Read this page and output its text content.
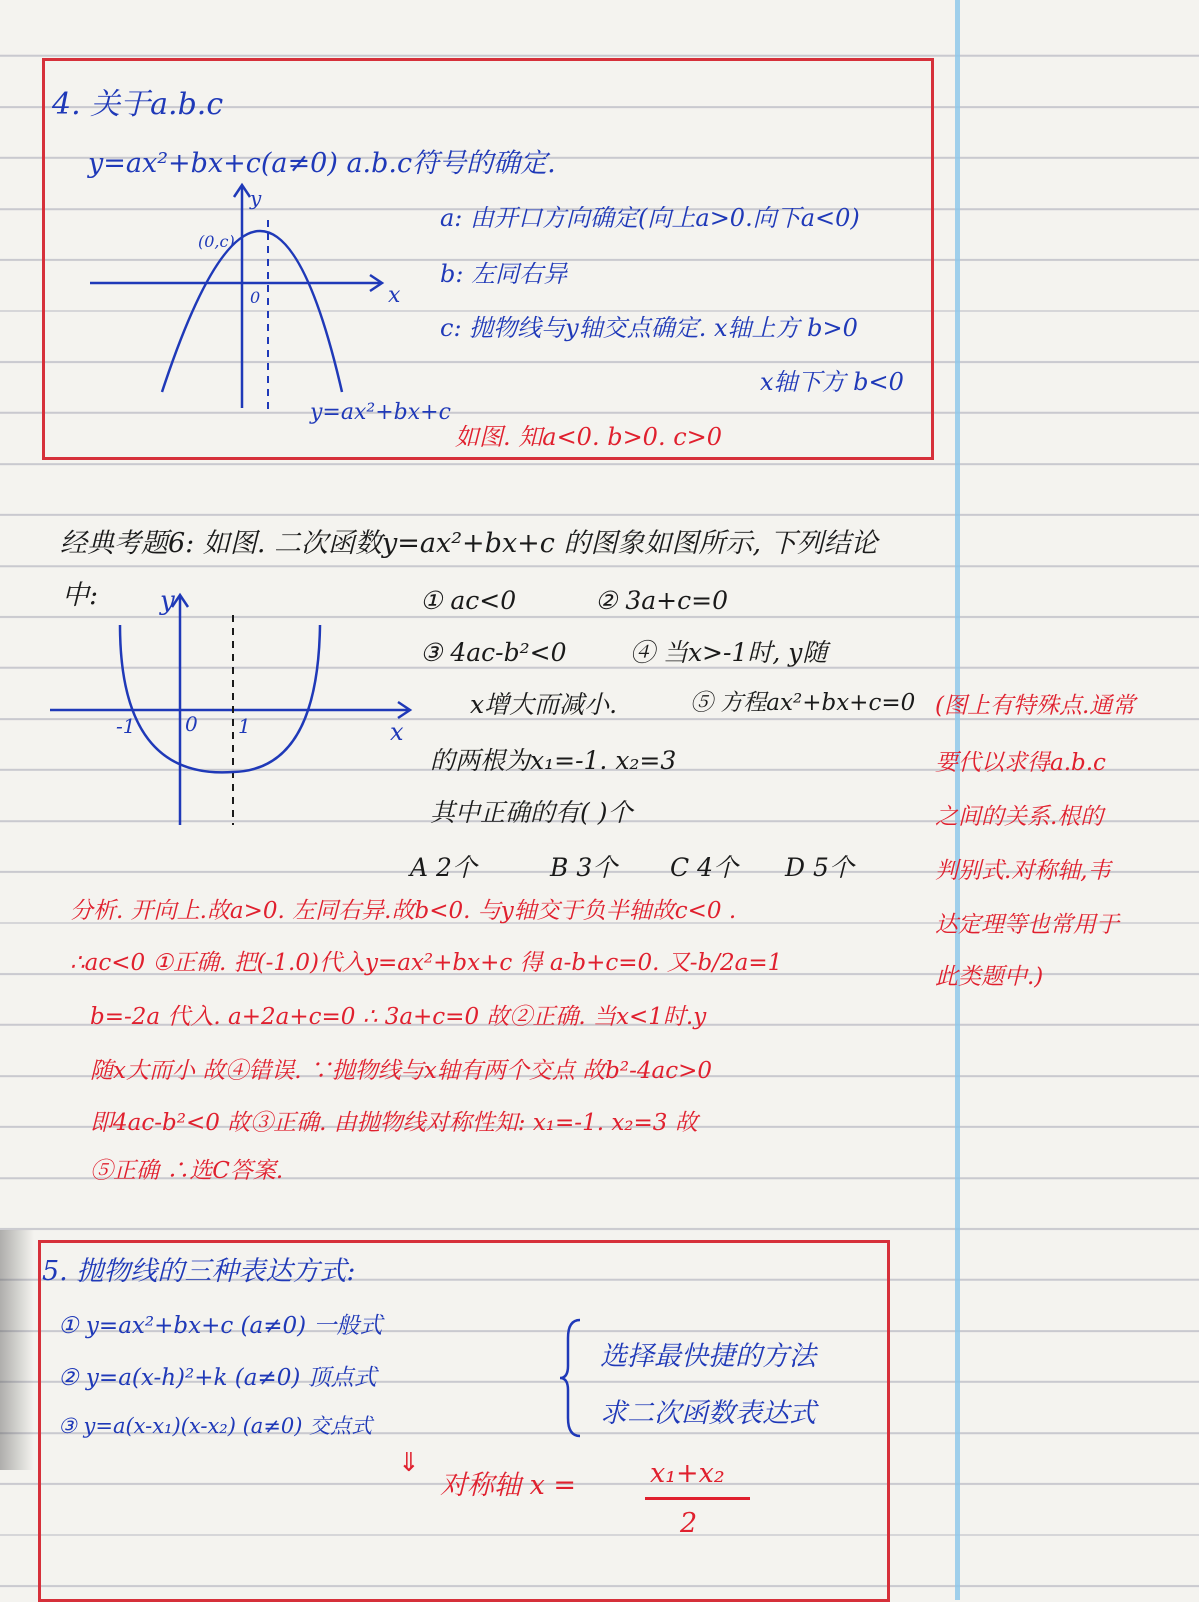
4. 关于a.b.c
y=ax²+bx+c(a≠0) a.b.c符号的确定.
y
x
(0,c)
0
y=ax²+bx+c
a: 由开口方向确定(向上a>0.向下a<0)
b: 左同右异
c: 抛物线与y轴交点确定. x轴上方 b>0
x轴下方 b<0
如图. 知a<0. b>0. c>0
经典考题6: 如图. 二次函数y=ax²+bx+c 的图象如图所示, 下列结论
中: y
x
-1 0 1
① ac<0	② 3a+c=0
③ 4ac-b²<0	④ 当x>-1时, y随
x增大而减小.	⑤ 方程ax²+bx+c=0
的两根为x₁=-1. x₂=3
其中正确的有( )个
A 2个	B 3个 C 4个 D 5个
(图上有特殊点.通常
要代以求得a.b.c
之间的关系.根的
判别式.对称轴,韦
达定理等也常用于
此类题中.)
分析. 开向上.故a>0. 左同右异.故b<0. 与y轴交于负半轴故c<0 .
∴ac<0 ①正确. 把(-1.0)代入y=ax²+bx+c 得 a-b+c=0. 又-b/2a=1
b=-2a 代入. a+2a+c=0 ∴ 3a+c=0 故②正确. 当x<1时.y
随x大而小 故④错误. ∵抛物线与x轴有两个交点 故b²-4ac>0
即4ac-b²<0 故③正确. 由抛物线对称性知: x₁=-1. x₂=3 故
⑤正确 ∴选C答案.
5. 抛物线的三种表达方式:
① y=ax²+bx+c (a≠0) 一般式
② y=a(x-h)²+k (a≠0) 顶点式
③ y=a(x-x₁)(x-x₂) (a≠0) 交点式
选择最快捷的方法
求二次函数表达式
⇓
对称轴 x =	x₁+x₂
2
